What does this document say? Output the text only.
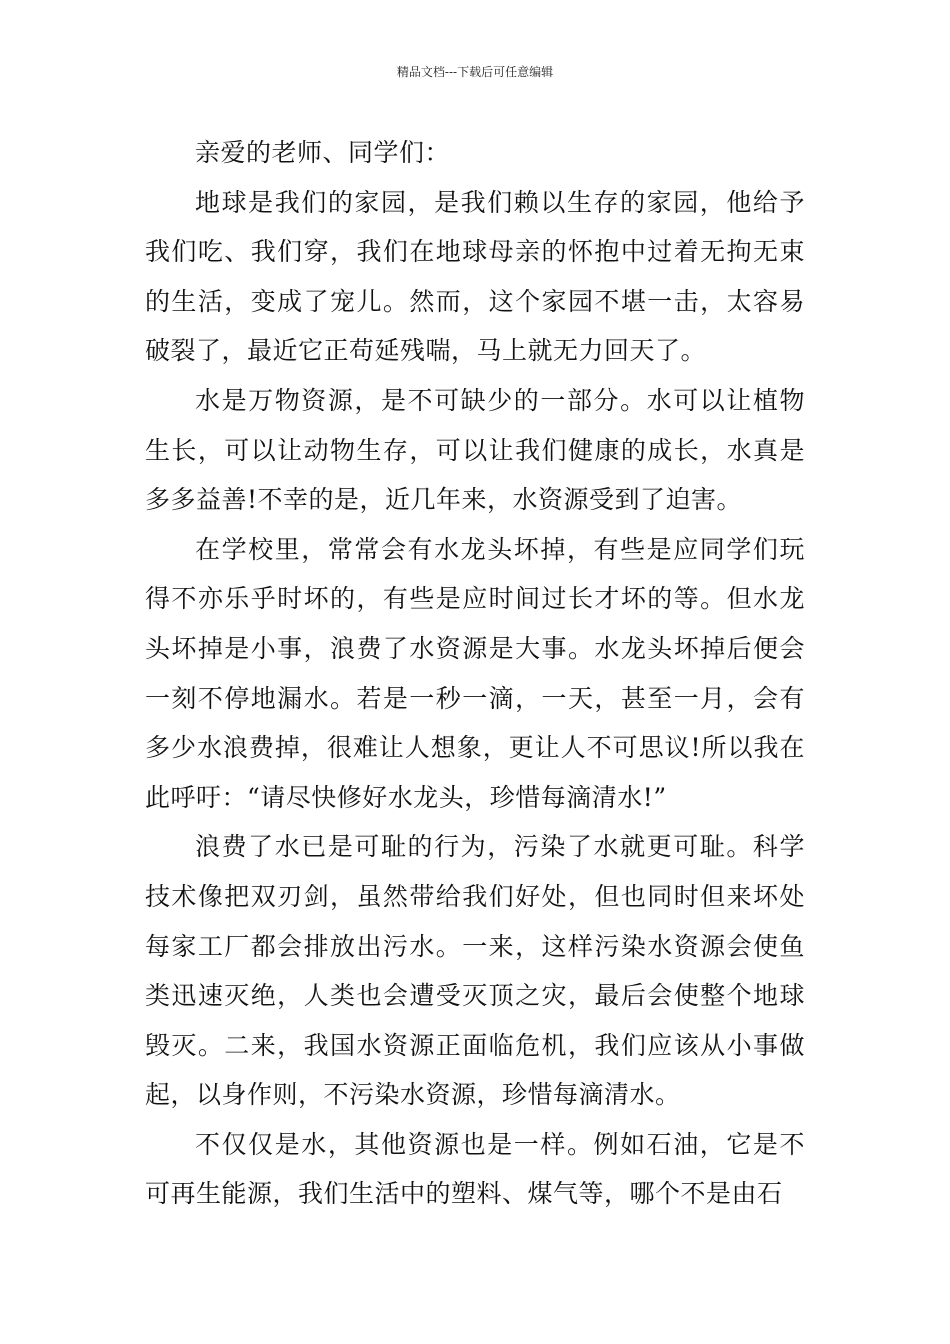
精品文档---下载后可任意编辑

亲爱的老师、同学们：

地球是我们的家园，是我们赖以生存的家园，他给予我们吃、我们穿，我们在地球母亲的怀抱中过着无拘无束的生活，变成了宠儿。然而，这个家园不堪一击，太容易破裂了，最近它正苟延残喘，马上就无力回天了。

水是万物资源，是不可缺少的一部分。水可以让植物生长，可以让动物生存，可以让我们健康的成长，水真是多多益善!不幸的是，近几年来，水资源受到了迫害。

在学校里，常常会有水龙头坏掉，有些是应同学们玩得不亦乐乎时坏的，有些是应时间过长才坏的等。但水龙头坏掉是小事，浪费了水资源是大事。水龙头坏掉后便会一刻不停地漏水。若是一秒一滴，一天，甚至一月，会有多少水浪费掉，很难让人想象，更让人不可思议!所以我在此呼吁：“请尽快修好水龙头，珍惜每滴清水!”

浪费了水已是可耻的行为，污染了水就更可耻。科学技术像把双刃剑，虽然带给我们好处，但也同时但来坏处每家工厂都会排放出污水。一来，这样污染水资源会使鱼类迅速灭绝，人类也会遭受灭顶之灾，最后会使整个地球毁灭。二来，我国水资源正面临危机，我们应该从小事做起，以身作则，不污染水资源，珍惜每滴清水。

不仅仅是水，其他资源也是一样。例如石油，它是不可再生能源，我们生活中的塑料、煤气等，哪个不是由石
